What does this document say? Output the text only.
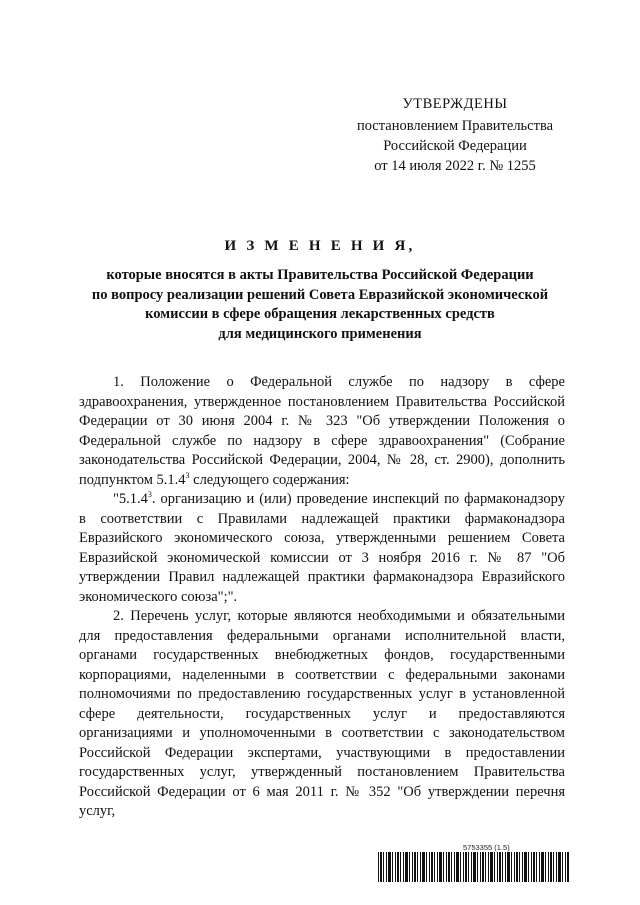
УТВЕРЖДЕНЫ
постановлением Правительства
Российской Федерации
от 14 июля 2022 г. № 1255
И З М Е Н Е Н И Я,
которые вносятся в акты Правительства Российской Федерации
по вопросу реализации решений Совета Евразийской экономической
комиссии в сфере обращения лекарственных средств
для медицинского применения

1. Положение о Федеральной службе по надзору в сфере здравоохранения, утвержденное постановлением Правительства Российской Федерации от 30 июня 2004 г. № 323 "Об утверждении Положения о Федеральной службе по надзору в сфере здравоохранения" (Собрание законодательства Российской Федерации, 2004, № 28, ст. 2900), дополнить подпунктом 5.1.4$^3$ следующего содержания:

"5.1.4$^3$. организацию и (или) проведение инспекций по фармаконадзору в соответствии с Правилами надлежащей практики фармаконадзора Евразийского экономического союза, утвержденными решением Совета Евразийской экономической комиссии от 3 ноября 2016 г. № 87 "Об утверждении Правил надлежащей практики фармаконадзора Евразийского экономического союза";".

2. Перечень услуг, которые являются необходимыми и обязательными для предоставления федеральными органами исполнительной власти, органами государственных внебюджетных фондов, государственными корпорациями, наделенными в соответствии с федеральными законами полномочиями по предоставлению государственных услуг в установленной сфере деятельности, государственных услуг и предоставляются организациями и уполномоченными в соответствии с законодательством Российской Федерации экспертами, участвующими в предоставлении государственных услуг, утвержденный постановлением Правительства Российской Федерации от 6 мая 2011 г. № 352 "Об утверждении перечня услуг,

5753355 (1.5)
